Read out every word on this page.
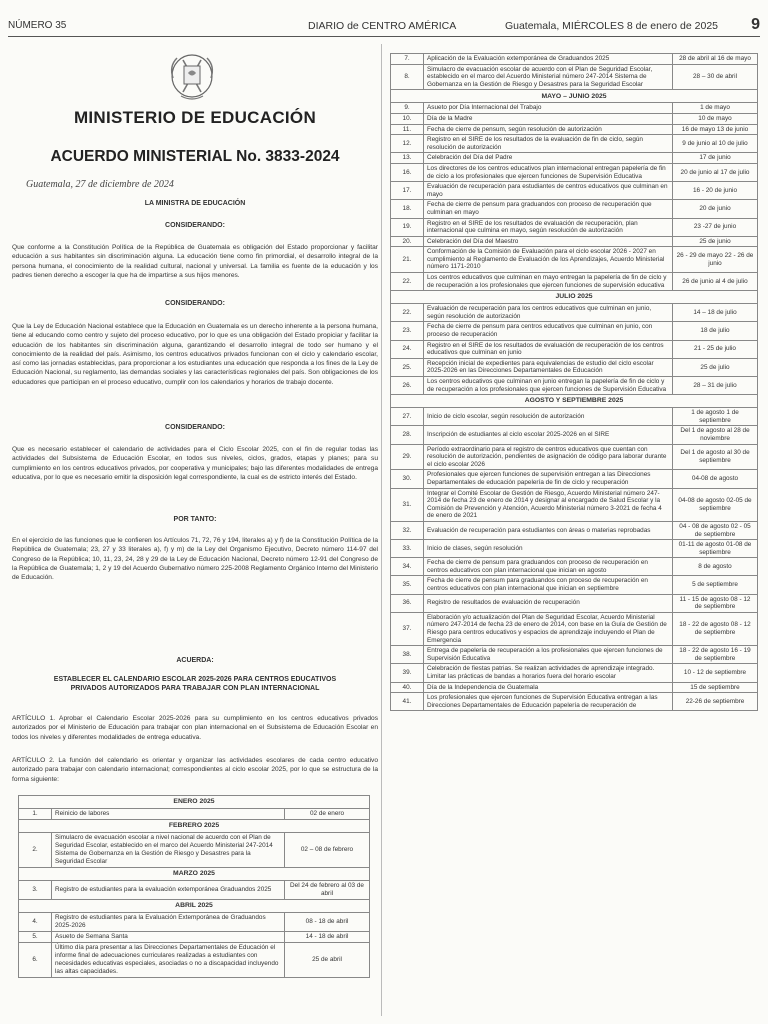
NÚMERO 35	DIARIO de CENTRO AMÉRICA	Guatemala, MIÉRCOLES 8 de enero de 2025 9
MINISTERIO DE EDUCACIÓN
ACUERDO MINISTERIAL No. 3833-2024
Guatemala, 27 de diciembre de 2024
LA MINISTRA DE EDUCACIÓN
CONSIDERANDO:
Que conforme a la Constitución Política de la República de Guatemala es obligación del Estado proporcionar y facilitar educación a sus habitantes sin discriminación alguna. La educación tiene como fin primordial, el desarrollo integral de la persona humana, el conocimiento de la realidad cultural, nacional y universal. La familia es fuente de la educación y los padres tienen derecho a escoger la que ha de impartirse a sus hijos menores.
CONSIDERANDO:
Que la Ley de Educación Nacional establece que la Educación en Guatemala es un derecho inherente a la persona humana, tiene al educando como centro y sujeto del proceso educativo, por lo que es una obligación del Estado propiciar y facilitar la educación de los habitantes sin discriminación alguna, garantizando el desarrollo integral de todo ser humano y el conocimiento de la realidad del país. Asimismo, los centros educativos privados funcionan con el ciclo y calendario escolar, así como las jornadas establecidas, para proporcionar a los estudiantes una educación que responda a los fines de la Ley de Educación Nacional, su reglamento, las demandas sociales y las características regionales del país. Son obligaciones de los educadores que participan en el proceso educativo, cumplir con los calendarios y horarios de trabajo docente.
CONSIDERANDO:
Que es necesario establecer el calendario de actividades para el Ciclo Escolar 2025, con el fin de regular todas las actividades del Subsistema de Educación Escolar, en todos sus niveles, ciclos, grados, etapas y planes; para su cumplimiento en los centros educativos privados, por cooperativa y municipales; bajo las diferentes modalidades de entrega educativa, por lo que es necesario emitir la disposición legal correspondiente, la cual es de estricto interés del Estado.
POR TANTO:
En el ejercicio de las funciones que le confieren los Artículos 71, 72, 76 y 194, literales a) y f) de la Constitución Política de la República de Guatemala; 23, 27 y 33 literales a), f) y m) de la Ley del Organismo Ejecutivo, Decreto número 114-97 del Congreso de la República; 10, 11, 23, 24, 28 y 29 de la Ley de Educación Nacional, Decreto número 12-91 del Congreso de la República de Guatemala; 1, 2 y 19 del Acuerdo Gubernativo número 225-2008 Reglamento Orgánico Interno del Ministerio de Educación.
ACUERDA:
ESTABLECER EL CALENDARIO ESCOLAR 2025-2026 PARA CENTROS EDUCATIVOS PRIVADOS AUTORIZADOS PARA TRABAJAR CON PLAN INTERNACIONAL
ARTÍCULO 1. Aprobar el Calendario Escolar 2025-2026 para su cumplimiento en los centros educativos privados autorizados por el Ministerio de Educación para trabajar con plan internacional en el Subsistema de Educación Escolar en todos los niveles y diferentes modalidades de entrega educativa.
ARTÍCULO 2. La función del calendario es orientar y organizar las actividades escolares de cada centro educativo autorizado para trabajar con calendario internacional; correspondientes al ciclo escolar 2025, por lo que se estructura de la forma siguiente:
ENERO 2025		
1.	Reinicio de labores	02 de enero
FEBRERO 2025		
2.	Simulacro de evacuación escolar a nivel nacional de acuerdo con el Plan de Seguridad Escolar, establecido en el marco del Acuerdo Ministerial 247-2014 Sistema de Gobernanza en la Gestión de Riesgo y Desastres para la Seguridad Escolar	02 – 08 de febrero
MARZO 2025		
3.	Registro de estudiantes para la evaluación extemporánea Graduandos 2025	Del 24 de febrero al 03 de abril
ABRIL 2025		
4.	Registro de estudiantes para la Evaluación Extemporánea de Graduandos 2025-2026	08 - 18 de abril
5.	Asueto de Semana Santa	14 - 18 de abril
6.	Último día para presentar a las Direcciones Departamentales de Educación el informe final de adecuaciones curriculares realizadas a estudiantes con necesidades educativas especiales, asociadas o no a discapacidad incluyendo las altas capacidades.	25 de abril
7.	Aplicación de la Evaluación extemporánea de Graduandos 2025	28 de abril al 16 de mayo
8.	Simulacro de evacuación escolar de acuerdo con el Plan de Seguridad Escolar, establecido en el marco del Acuerdo Ministerial número 247-2014 Sistema de Gobernanza en la Gestión de Riesgo y Desastres para la Seguridad Escolar	28 – 30 de abril
MAYO – JUNIO 2025		
9.	Asueto por Día Internacional del Trabajo	1 de mayo
10.	Día de la Madre	10 de mayo
11.	Fecha de cierre de pensum, según resolución de autorización	16 de mayo 13 de junio
12.	Registro en el SIRE de los resultados de la evaluación de fin de ciclo, según resolución de autorización	9 de junio al 10 de julio
13.	Celebración del Día del Padre	17 de junio
16.	Los directores de los centros educativos plan internacional entregan papelería de fin de ciclo a los profesionales que ejercen funciones de Supervisión Educativa	20 de junio al 17 de julio
17.	Evaluación de recuperación para estudiantes de centros educativos que culminan en mayo	16 - 20 de junio
18.	Fecha de cierre de pensum para graduandos con proceso de recuperación que culminan en mayo	20 de junio
19.	Registro en el SIRE de los resultados de evaluación de recuperación, plan internacional que culmina en mayo, según resolución de autorización	23 -27 de junio
20.	Celebración del Día del Maestro	25 de junio
21.	Conformación de la Comisión de Evaluación para el ciclo escolar 2026 - 2027 en cumplimiento al Reglamento de Evaluación de los Aprendizajes, Acuerdo Ministerial número 1171-2010	26 - 29 de mayo 22 - 26 de junio
22.	Los centros educativos que culminan en mayo entregan la papelería de fin de ciclo y de recuperación a los profesionales que ejercen funciones de supervisión educativa	26 de junio al 4 de julio
JULIO 2025		
22.	Evaluación de recuperación para los centros educativos que culminan en junio, según resolución de autorización	14 – 18 de julio
23.	Fecha de cierre de pensum para centros educativos que culminan en junio, con proceso de recuperación	18 de julio
24.	Registro en el SIRE de los resultados de evaluación de recuperación de los centros educativos que culminan en junio	21 - 25 de julio
25.	Recepción inicial de expedientes para equivalencias de estudio del ciclo escolar 2025-2026 en las Direcciones Departamentales de Educación	25 de julio
26.	Los centros educativos que culminan en junio entregan la papelería de fin de ciclo y de recuperación a los profesionales que ejercen funciones de Supervisión Educativa	28 – 31 de julio
AGOSTO Y SEPTIEMBRE 2025		
27.	Inicio de ciclo escolar, según resolución de autorización	1 de agosto 1 de septiembre
28.	Inscripción de estudiantes al ciclo escolar 2025-2026 en el SIRE	Del 1 de agosto al 28 de noviembre
29.	Período extraordinario para el registro de centros educativos que cuentan con resolución de autorización, pendientes de asignación de código para laborar durante el ciclo escolar 2026	Del 1 de agosto al 30 de septiembre
30.	Profesionales que ejercen funciones de supervisión entregan a las Direcciones Departamentales de educación papelería de fin de ciclo y recuperación	04-08 de agosto
31.	Integrar el Comité Escolar de Gestión de Riesgo, Acuerdo Ministerial número 247-2014 de fecha 23 de enero de 2014 y designar al encargado de Salud Escolar y la Comisión de Prevención y Atención, Acuerdo Ministerial número 3-2021 de fecha 4 de enero de 2021	04-08 de agosto 02-05 de septiembre
32.	Evaluación de recuperación para estudiantes con áreas o materias reprobadas	04 - 08 de agosto 02 - 05 de septiembre
33.	Inicio de clases, según resolución	01-11 de agosto 01-08 de septiembre
34.	Fecha de cierre de pensum para graduandos con proceso de recuperación en centros educativos con plan internacional que inician en agosto	8 de agosto
35.	Fecha de cierre de pensum para graduandos con proceso de recuperación en centros educativos con plan internacional que inician en septiembre	5 de septiembre
36.	Registro de resultados de evaluación de recuperación	11 - 15 de agosto 08 - 12 de septiembre
37.	Elaboración y/o actualización del Plan de Seguridad Escolar, Acuerdo Ministerial número 247-2014 de fecha 23 de enero de 2014, con base en la Guía de Gestión de Riesgo para centros educativos y espacios de aprendizaje incluyendo el Plan de Emergencia	18 - 22 de agosto 08 - 12 de septiembre
38.	Entrega de papelería de recuperación a los profesionales que ejercen funciones de Supervisión Educativa	18 - 22 de agosto 16 - 19 de septiembre
39.	Celebración de fiestas patrias. Se realizan actividades de aprendizaje integrado. Limitar las prácticas de bandas a horarios fuera del horario escolar	10 - 12 de septiembre
40.	Día de la Independencia de Guatemala	15 de septiembre
41.	Los profesionales que ejercen funciones de Supervisión Educativa entregan a las Direcciones Departamentales de Educación papelería de recuperación de	22-26 de septiembre
